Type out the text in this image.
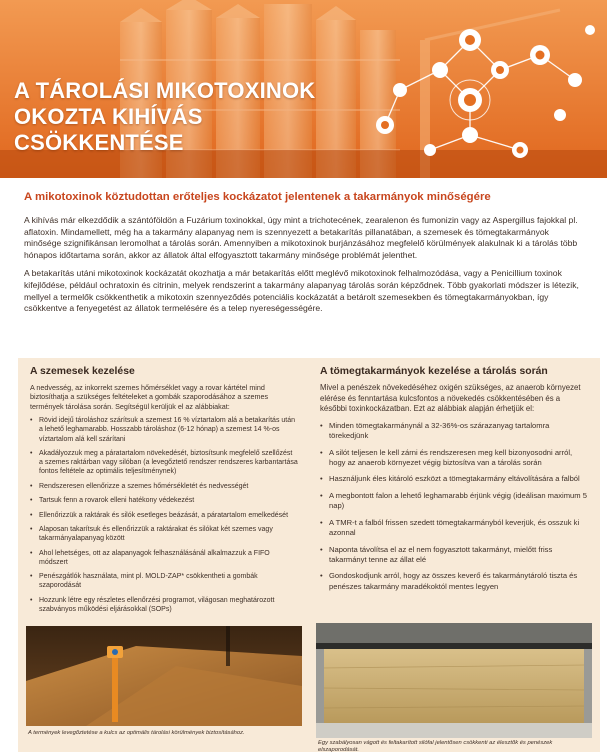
A TÁROLÁSI MIKOTOXINOK
OKOZTA KIHÍVÁS CSÖKKENTÉSE
A mikotoxinok köztudottan erőteljes kockázatot jelentenek a takarmányok minőségére

A kihívás már elkezdődik a szántóföldön a Fuzárium toxinokkal, úgy mint a trichotecének, zearalenon és fumonizin vagy az Aspergillus fajokkal pl. aflatoxin. Mindamellett, még ha a takarmány alapanyag nem is szennyezett a betakarítás pillanatában, a szemesek és tömegtakarmányok minősége szignifikánsan leromolhat a tárolás során. Amennyiben a mikotoxinok burjánzásához megfelelő körülmények alakulnak ki a tárolás több hónapos időtartama során, akkor az állatok által elfogyasztott takarmány minősége problémát jelenthet.

A betakarítás utáni mikotoxinok kockázatát okozhatja a már betakarítás előtt meglévő mikotoxinok felhalmozódása, vagy a Penicillium toxinok kifejlődése, például ochratoxin és citrinin, melyek rendszerint a takarmány alapanyag tárolás során képződnek. Több gyakorlati módszer is létezik, mellyel a termelők csökkenthetik a mikotoxin szennyeződés potenciális kockázatát a betárolt szemesekben és tömegtakarmányokban, így csökkentve a fenyegetést az állatok termelésére és a telep nyereségességére.

A szemesek kezelése

A nedvesség, az inkorrekt szemes hőmérséklet vagy a rovar kártétel mind biztosíthatja a szükséges feltételeket a gombák szaporodásához a szemes termények tárolása során. Segítségül kerüljük el az alábbiakat:

• Rövid idejű tároláshoz szárítsuk a szemest 16 % víztartalom alá a betakarítás után a lehető leghamarabb. Hosszabb tároláshoz (6-12 hónap) a szemest 14 %-os víztartalom alá kell szárítani
• Akadályozzuk meg a páratartalom növekedését, biztosítsunk megfelelő szellőzést a szemes raktárban vagy silóban (a levegőztető rendszer rendszeres karbantartása fontos feltétele az optimális teljesítménynek)
• Rendszeresen ellenőrizze a szemes hőmérsékletét és nedvességét
• Tartsuk fenn a rovarok elleni hatékony védekezést
• Ellenőrizzük a raktárak és silók esetleges beázását, a páratartalom emelkedését
• Alaposan takarítsuk és ellenőrizzük a raktárakat és silókat két szemes vagy takarmányalapanyag között
• Ahol lehetséges, ott az alapanyagok felhasználásánál alkalmazzuk a FIFO módszert
• Penészgátlók használata, mint pl. MOLD-ZAP* csökkentheti a gombák szaporodását
• Hozzunk létre egy részletes ellenőrzési programot, világosan meghatározott szabványos működési eljárásokkal (SOPs)
A termények levegőztetése a kulcs az optimális tárolási körülmények biztosításához.
A tömegtakarmányok kezelése a tárolás során

Mivel a penészek növekedéséhez oxigén szükséges, az anaerob környezet elérése és fenntartása kulcsfontos a növekedés csökkentésében és a későbbi toxinkockázatban. Ezt az alábbiak alapján érhetjük el:

• Minden tömegtakarmánynál a 32-36%-os szárazanyag tartalomra törekedjünk
• A silót teljesen le kell zárni és rendszeresen meg kell bizonyosodni arról, hogy az anaerob környezet végig biztosítva van a tárolás során
• Használjunk éles kitároló eszközt a tömegtakarmány eltávolítására a falból
• A megbontott falon a lehető leghamarabb érjünk végig (ideálisan maximum 5 nap)
• A TMR-t a falból frissen szedett tömegtakarmányból keverjük, és osszuk ki azonnal
• Naponta távolítsa el az el nem fogyasztott takarmányt, mielőtt friss takarmányt tenne az állat elé
• Gondoskodjunk arról, hogy az összes keverő és takarmánytároló tiszta és penészes takarmány maradékoktól mentes legyen
Egy szabályosan vágott és feltakarított silófal jelentősen csökkenti az élesztők és penészek elszaporodását.
